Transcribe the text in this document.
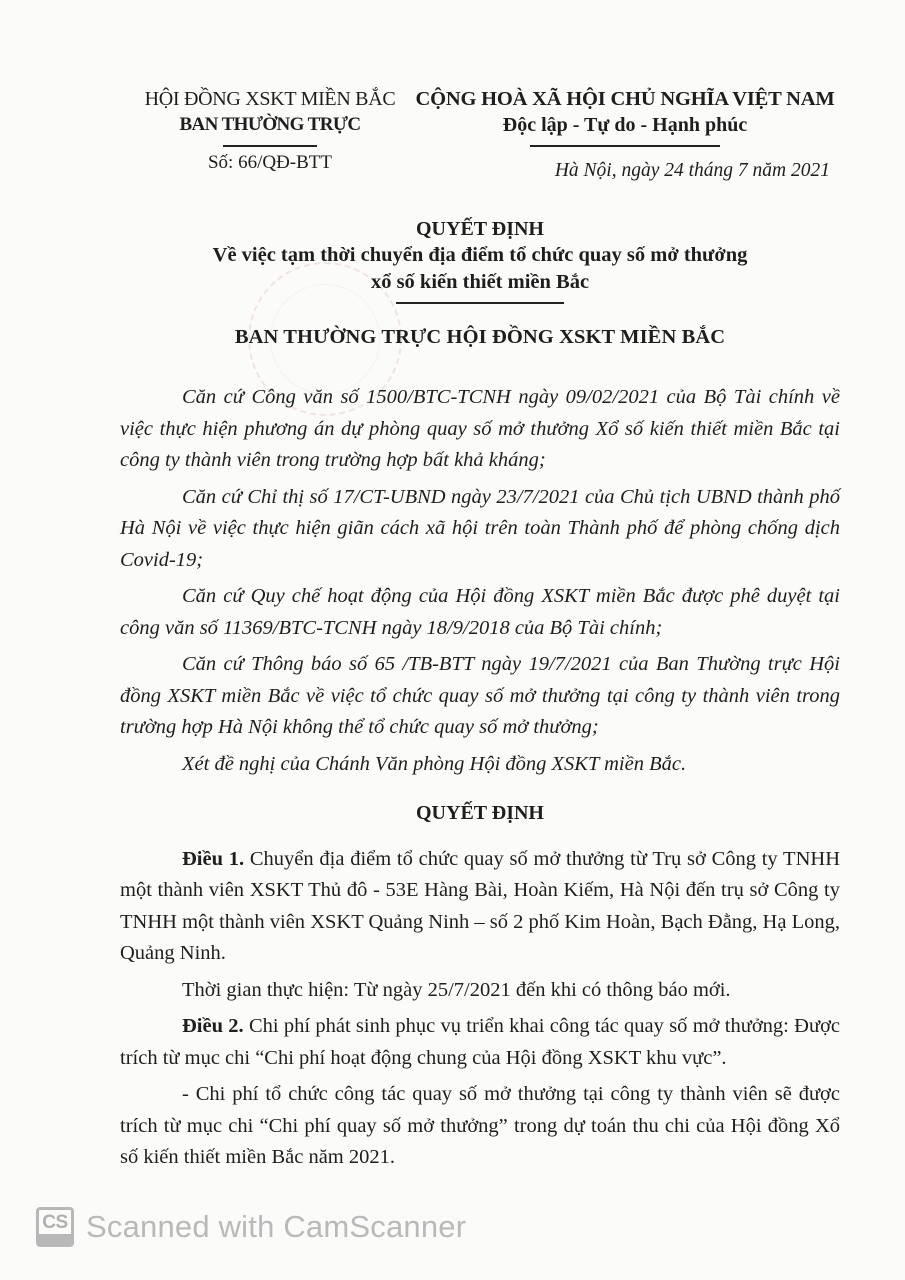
HỘI ĐỒNG XSKT MIỀN BẮC
BAN THƯỜNG TRỰC
CỘNG HOÀ XÃ HỘI CHỦ NGHĨA VIỆT NAM
Độc lập - Tự do - Hạnh phúc
Số: 66/QĐ-BTT	Hà Nội, ngày 24 tháng 7 năm 2021
QUYẾT ĐỊNH
Về việc tạm thời chuyển địa điểm tổ chức quay số mở thưởng
xổ số kiến thiết miền Bắc
BAN THƯỜNG TRỰC HỘI ĐỒNG XSKT MIỀN BẮC

Căn cứ Công văn số 1500/BTC-TCNH ngày 09/02/2021 của Bộ Tài chính về việc thực hiện phương án dự phòng quay số mở thưởng Xổ số kiến thiết miền Bắc tại công ty thành viên trong trường hợp bất khả kháng;

Căn cứ Chỉ thị số 17/CT-UBND ngày 23/7/2021 của Chủ tịch UBND thành phố Hà Nội về việc thực hiện giãn cách xã hội trên toàn Thành phố để phòng chống dịch Covid-19;

Căn cứ Quy chế hoạt động của Hội đồng XSKT miền Bắc được phê duyệt tại công văn số 11369/BTC-TCNH ngày 18/9/2018 của Bộ Tài chính;

Căn cứ Thông báo số 65 /TB-BTT ngày 19/7/2021 của Ban Thường trực Hội đồng XSKT miền Bắc về việc tổ chức quay số mở thưởng tại công ty thành viên trong trường hợp Hà Nội không thể tổ chức quay số mở thưởng;

Xét đề nghị của Chánh Văn phòng Hội đồng XSKT miền Bắc.

QUYẾT ĐỊNH

Điều 1. Chuyển địa điểm tổ chức quay số mở thưởng từ Trụ sở Công ty TNHH một thành viên XSKT Thủ đô - 53E Hàng Bài, Hoàn Kiếm, Hà Nội đến trụ sở Công ty TNHH một thành viên XSKT Quảng Ninh – số 2 phố Kim Hoàn, Bạch Đằng, Hạ Long, Quảng Ninh.

Thời gian thực hiện: Từ ngày 25/7/2021 đến khi có thông báo mới.

Điều 2. Chi phí phát sinh phục vụ triển khai công tác quay số mở thưởng: Được trích từ mục chi “Chi phí hoạt động chung của Hội đồng XSKT khu vực”.

- Chi phí tổ chức công tác quay số mở thưởng tại công ty thành viên sẽ được trích từ mục chi “Chi phí quay số mở thưởng” trong dự toán thu chi của Hội đồng Xổ số kiến thiết miền Bắc năm 2021.

CS Scanned with CamScanner
